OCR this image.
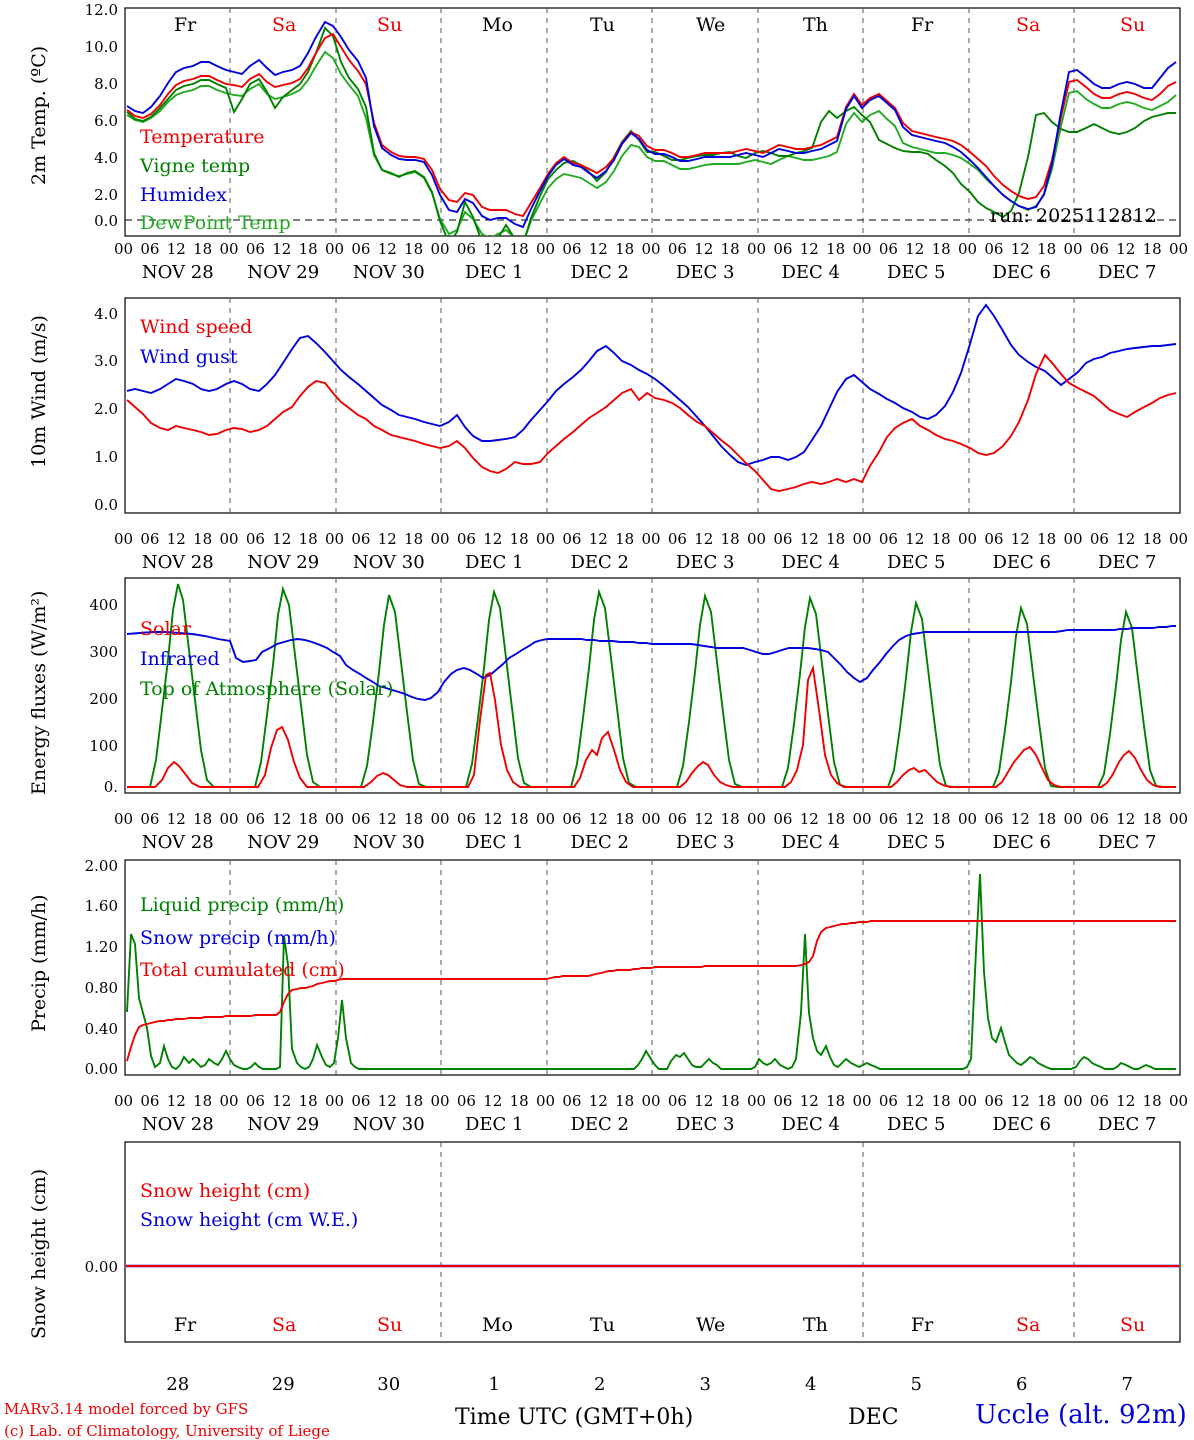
2m Temp. (ºC)
12.0
10.0
8.0
6.0
4.0
2.0
0.0
Fr	Sa	Su	Mo	Tu	We	Th	Fr	Sa	Su
Temperature
Vigne temp
Humidex
DewPoint Temp	run: 2025112812
00 06 12 18 00 06 12 18 00 06 12 18 00 06 12 18 00 06 12 18 00 06 12 18 00 06 12 18 00 06 12 18 00 06 12 18 00 06 12 18 00
NOV 28 NOV 29 NOV 30	DEC 1	DEC 2	DEC 3	DEC 4	DEC 5	DEC 6	DEC 7
00 06 12 18 00 06 12 18 00 06 12 18 00 06 12 18 00 06 12 18 00 06 12 18 00 06 12 18 00 06 12 18 00 06 12 18 00 06 12 18 00
NOV 28 NOV 29 NOV 30	DEC 1	DEC 2	DEC 3	DEC 4	DEC 5	DEC 6	DEC 7
00 06 12 18 00 06 12 18 00 06 12 18 00 06 12 18 00 06 12 18 00 06 12 18 00 06 12 18 00 06 12 18 00 06 12 18 00 06 12 18 00
NOV 28 NOV 29 NOV 30	DEC 1	DEC 2	DEC 3	DEC 4	DEC 5	DEC 6	DEC 7
00 06 12 18 00 06 12 18 00 06 12 18 00 06 12 18 00 06 12 18 00 06 12 18 00 06 12 18 00 06 12 18 00 06 12 18 00 06 12 18 00
NOV 28 NOV 29 NOV 30	DEC 1	DEC 2	DEC 3	DEC 4	DEC 5	DEC 6	DEC 7
10m Wind (m/s)
4.0
3.0
2.0
1.0
0.0
Wind speed
Wind gust
Energy fluxes (W/m²)	400
300
200
100
0.
Solar
Infrared
Top of Atmosphere (Solar)
Precip (mm/h)
2.00
1.60
1.20
0.80
0.40
0.00
Liquid precip (mm/h)
Snow precip (mm/h)
Total cumulated (cm)
Snow height (cm) 0.00
Snow height (cm)
Snow height (cm W.E.)
Fr	Sa	Su	Mo	Tu	We	Th	Fr	Sa	Su
28	29	30	1	2	3	4	5	6	7
MARv3.14 model forced by GFS
(c) Lab. of Climatology, University of Liege
Time UTC (GMT+0h)	DEC	Uccle (alt. 92m)
